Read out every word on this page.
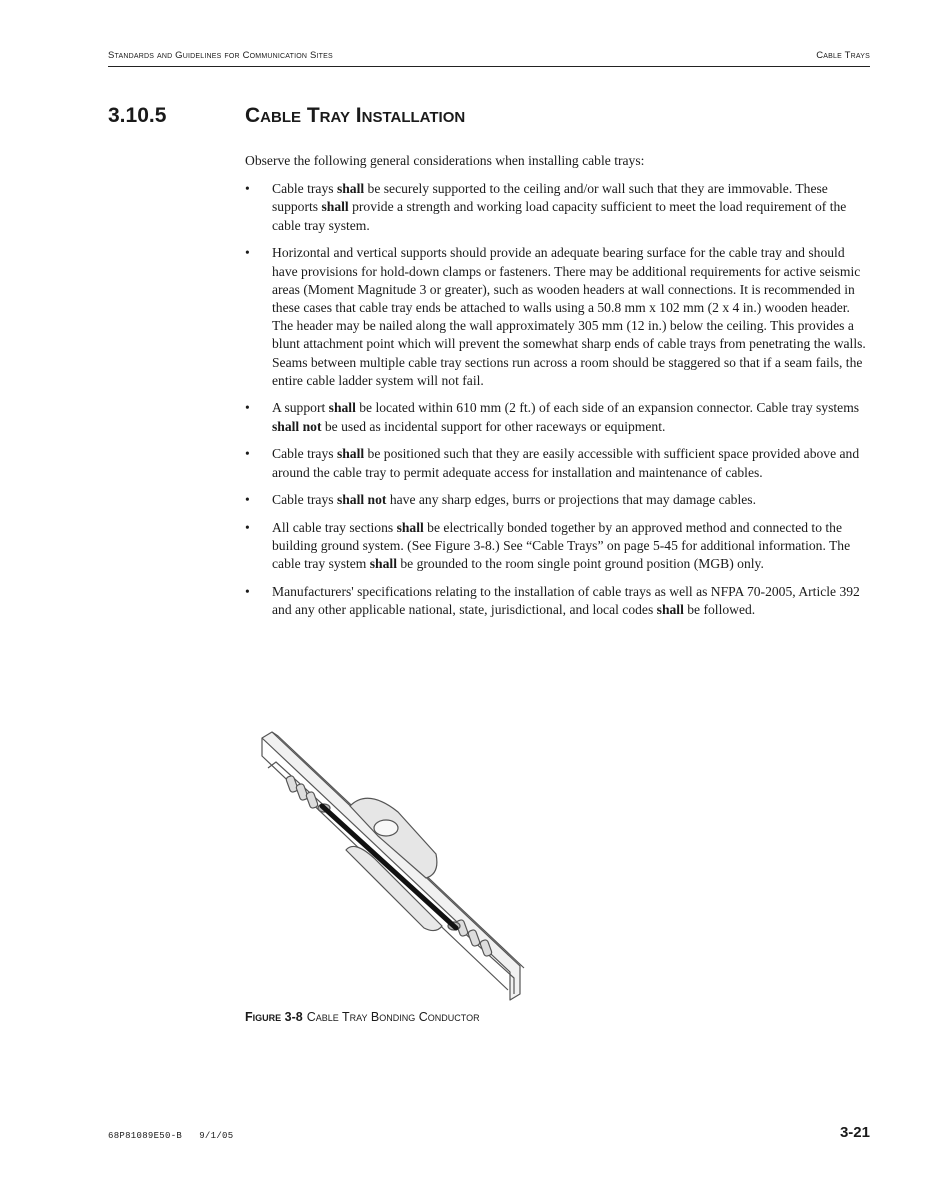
Standards and Guidelines for Communication Sites	Cable Trays
3.10.5	Cable Tray Installation

Observe the following general considerations when installing cable trays:

• Cable trays shall be securely supported to the ceiling and/or wall such that they are immovable. These supports shall provide a strength and working load capacity sufficient to meet the load requirement of the cable tray system.
• Horizontal and vertical supports should provide an adequate bearing surface for the cable tray and should have provisions for hold-down clamps or fasteners. There may be additional requirements for active seismic areas (Moment Magnitude 3 or greater), such as wooden headers at wall connections. It is recommended in these cases that cable tray ends be attached to walls using a 50.8 mm x 102 mm (2 x 4 in.) wooden header. The header may be nailed along the wall approximately 305 mm (12 in.) below the ceiling. This provides a blunt attachment point which will prevent the somewhat sharp ends of cable trays from penetrating the walls. Seams between multiple cable tray sections run across a room should be staggered so that if a seam fails, the entire cable ladder system will not fail.
• A support shall be located within 610 mm (2 ft.) of each side of an expansion connector. Cable tray systems shall not be used as incidental support for other raceways or equipment.
• Cable trays shall be positioned such that they are easily accessible with sufficient space provided above and around the cable tray to permit adequate access for installation and maintenance of cables.
• Cable trays shall not have any sharp edges, burrs or projections that may damage cables.
• All cable tray sections shall be electrically bonded together by an approved method and connected to the building ground system. (See Figure 3-8.) See “Cable Trays” on page 5-45 for additional information. The cable tray system shall be grounded to the room single point ground position (MGB) only.
• Manufacturers' specifications relating to the installation of cable trays as well as NFPA 70-2005, Article 392 and any other applicable national, state, jurisdictional, and local codes shall be followed.
Figure 3-8 Cable Tray Bonding Conductor
68P81089E50-B 9/1/05	3-21
